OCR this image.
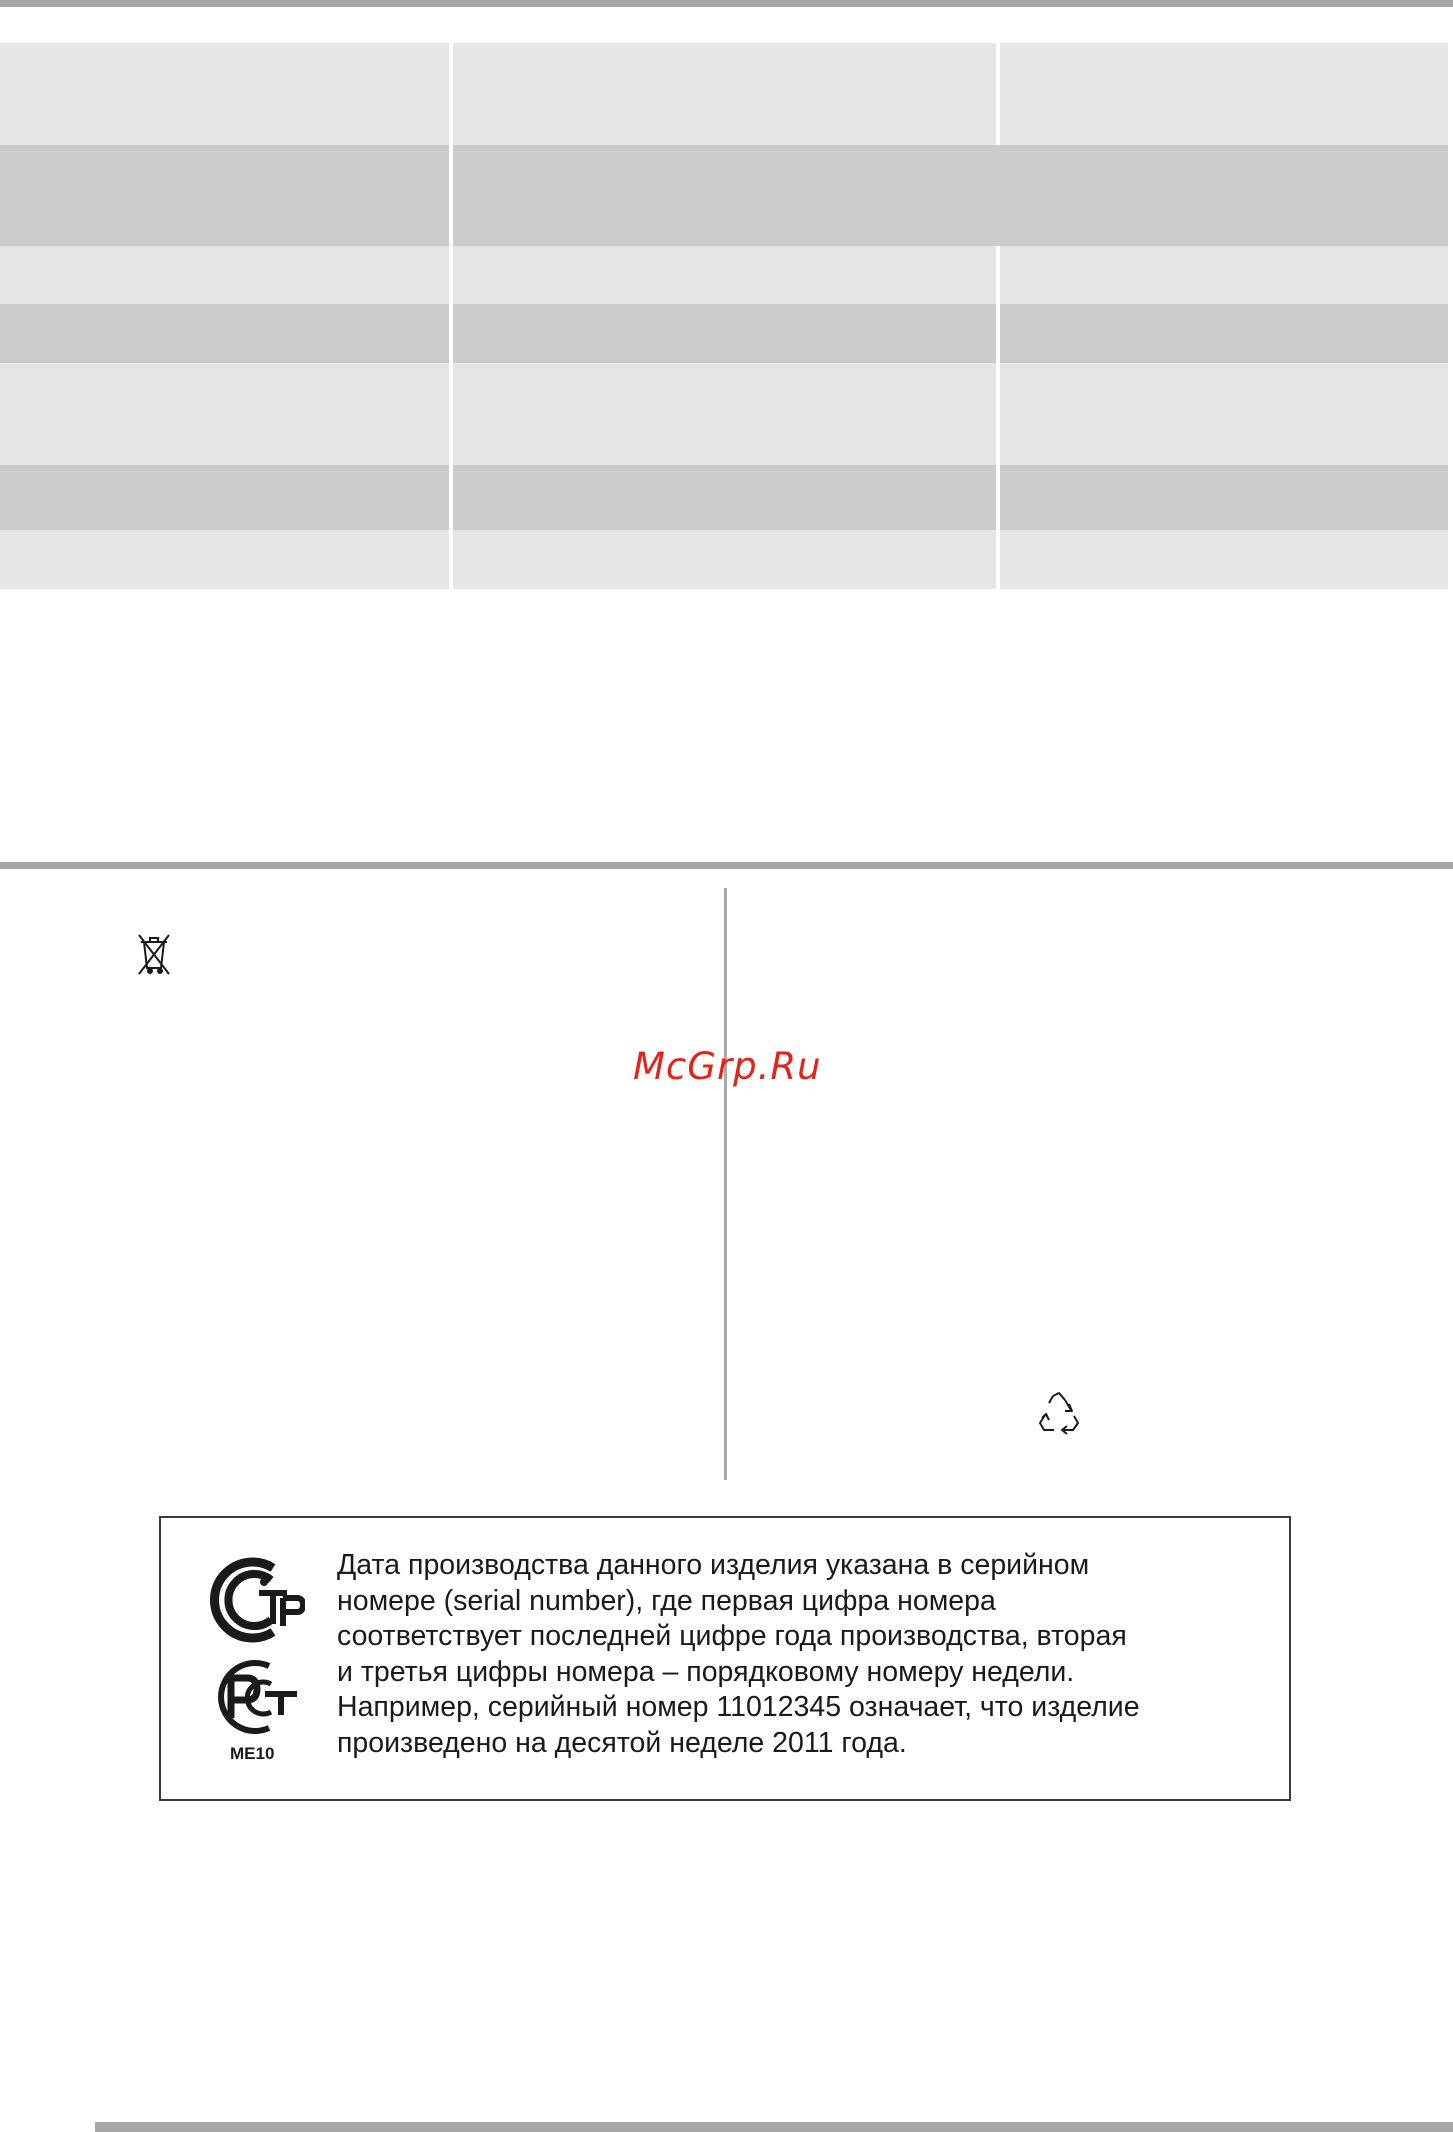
McGrp.Ru
ME10

Дата производства данного изделия указана в серийном

номере (serial number), где первая цифра номера

соответствует последней цифре года производства, вторая

и третья цифры номера – порядковому номеру недели.

Например, серийный номер 11012345 означает, что изделие

произведено на десятой неделе 2011 года.
